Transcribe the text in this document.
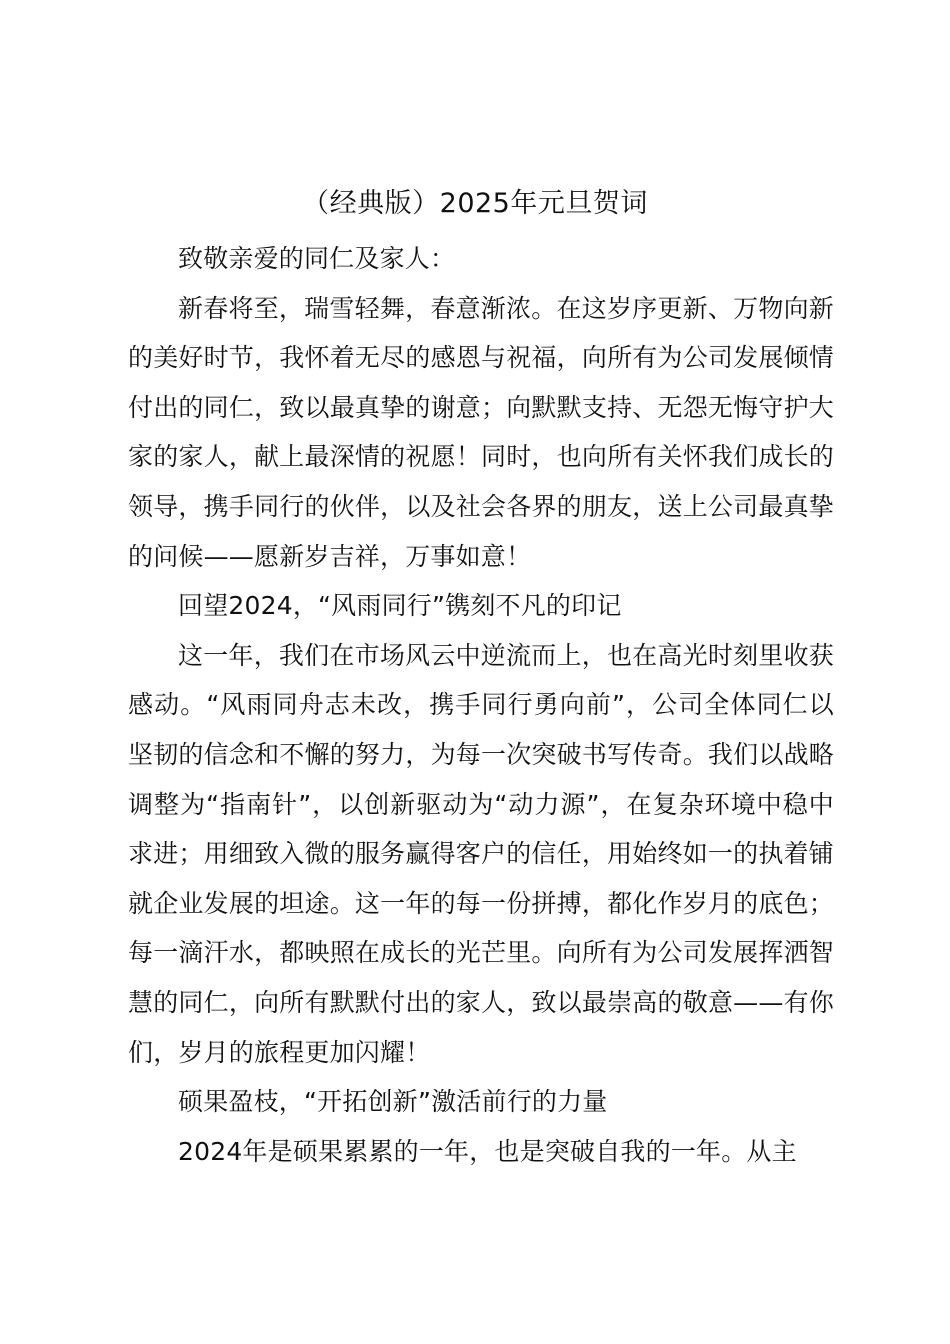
（经典版）2025年元旦贺词

致敬亲爱的同仁及家人：

新春将至，瑞雪轻舞，春意渐浓。在这岁序更新、万物向新的美好时节，我怀着无尽的感恩与祝福，向所有为公司发展倾情付出的同仁，致以最真挚的谢意；向默默支持、无怨无悔守护大家的家人，献上最深情的祝愿！同时，也向所有关怀我们成长的领导，携手同行的伙伴，以及社会各界的朋友，送上公司最真挚的问候——愿新岁吉祥，万事如意！

回望2024，“风雨同行”镌刻不凡的印记

这一年，我们在市场风云中逆流而上，也在高光时刻里收获感动。“风雨同舟志未改，携手同行勇向前”，公司全体同仁以坚韧的信念和不懈的努力，为每一次突破书写传奇。我们以战略调整为“指南针”，以创新驱动为“动力源”，在复杂环境中稳中求进；用细致入微的服务赢得客户的信任，用始终如一的执着铺就企业发展的坦途。这一年的每一份拼搏，都化作岁月的底色；每一滴汗水，都映照在成长的光芒里。向所有为公司发展挥洒智慧的同仁，向所有默默付出的家人，致以最崇高的敬意——有你们，岁月的旅程更加闪耀！

硕果盈枝，“开拓创新”激活前行的力量

2024年是硕果累累的一年，也是突破自我的一年。从主
